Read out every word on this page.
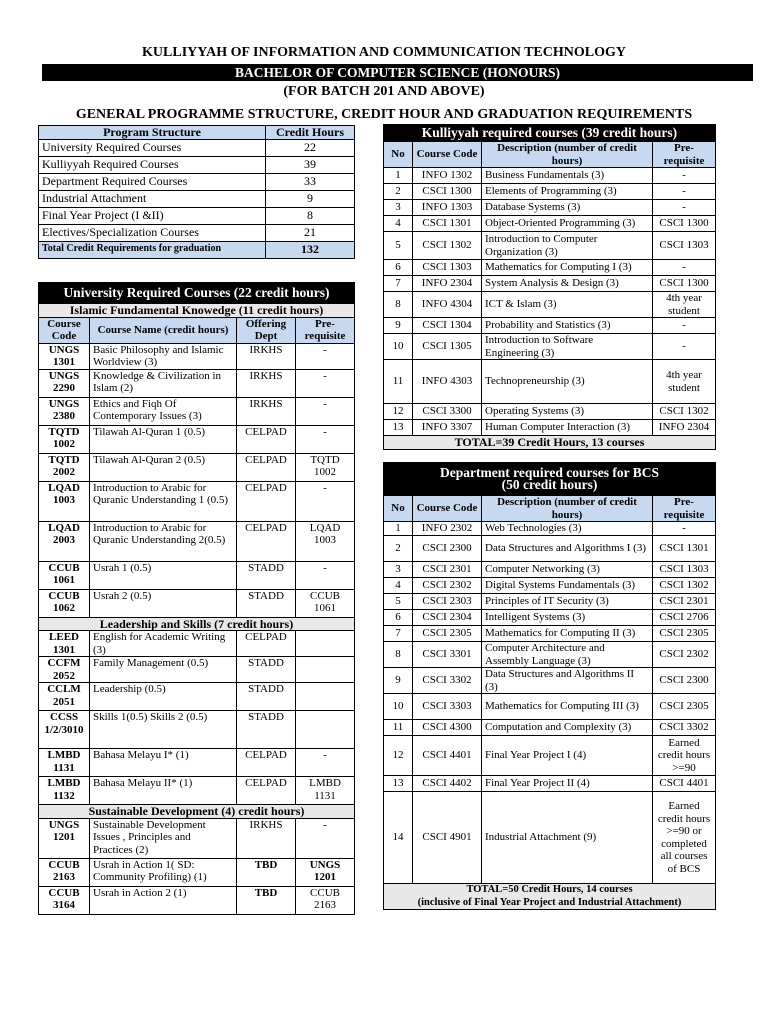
KULLIYYAH OF INFORMATION AND COMMUNICATION TECHNOLOGY
BACHELOR OF COMPUTER SCIENCE (HONOURS)
(FOR BATCH 201 AND ABOVE)
GENERAL PROGRAMME STRUCTURE, CREDIT HOUR AND GRADUATION REQUIREMENTS
Program Structure	Credit Hours
University Required Courses	22
Kulliyyah Required Courses	39
Department Required Courses	33
Industrial Attachment	9
Final Year Project (I &II)	8
Electives/Specialization Courses	21
Total Credit Requirements for graduation	132
University Required Courses (22 credit hours)			
Islamic Fundamental Knowedge (11 credit hours)			
Course Code	Course Name (credit hours)	Offering Dept	Pre-requisite
UNGS 1301	Basic Philosophy and Islamic Worldview (3)	IRKHS	-
UNGS 2290	Knowledge & Civilization in Islam (2)	IRKHS	-
UNGS 2380	Ethics and Fiqh Of Contemporary Issues (3)	IRKHS	-
TQTD 1002	Tilawah Al-Quran 1 (0.5)	CELPAD	-
TQTD 2002	Tilawah Al-Quran 2 (0.5)	CELPAD	TQTD 1002
LQAD 1003	Introduction to Arabic for Quranic Understanding 1 (0.5)	CELPAD	-
LQAD 2003	Introduction to Arabic for Quranic Understanding 2(0.5)	CELPAD	LQAD 1003
CCUB 1061	Usrah 1 (0.5)	STADD	-
CCUB 1062	Usrah 2 (0.5)	STADD	CCUB 1061
Leadership and Skills (7 credit hours)			
LEED 1301	English for Academic Writing (3)	CELPAD	
CCFM 2052	Family Management (0.5)	STADD	
CCLM 2051	Leadership (0.5)	STADD	
CCSS 1/2/3010	Skills 1(0.5) Skills 2 (0.5)	STADD	
LMBD 1131	Bahasa Melayu I* (1)	CELPAD	-
LMBD 1132	Bahasa Melayu II* (1)	CELPAD	LMBD 1131
Sustainable Development (4) credit hours)			
UNGS 1201	Sustainable Development Issues , Principles and Practices (2)	IRKHS	-
CCUB 2163	Usrah in Action 1( SD: Community Profiling) (1)	TBD	UNGS 1201
CCUB 3164	Usrah in Action 2 (1)	TBD	CCUB 2163
Kulliyyah required courses (39 credit hours)			
No	Course Code	Description (number of credit hours)	Pre-requisite
1	INFO 1302	Business Fundamentals (3)	-
2	CSCI 1300	Elements of Programming (3)	-
3	INFO 1303	Database Systems (3)	-
4	CSCI 1301	Object-Oriented Programming (3)	CSCI 1300
5	CSCI 1302	Introduction to Computer Organization (3)	CSCI 1303
6	CSCI 1303	Mathematics for Computing I (3)	-
7	INFO 2304	System Analysis & Design (3)	CSCI 1300
8	INFO 4304	ICT & Islam (3)	4th year student
9	CSCI 1304	Probability and Statistics (3)	-
10	CSCI 1305	Introduction to Software Engineering (3)	-
11	INFO 4303	Technopreneurship (3)	4th year student
12	CSCI 3300	Operating Systems (3)	CSCI 1302
13	INFO 3307	Human Computer Interaction (3)	INFO 2304
TOTAL=39 Credit Hours, 13 courses			
Department required courses for BCS
(50 credit hours)			

No	Course Code	Description (number of credit hours)	Pre-requisite
1	INFO 2302	Web Technologies (3)	-
2	CSCI 2300	Data Structures and Algorithms I (3)	CSCI 1301
3	CSCI 2301	Computer Networking (3)	CSCI 1303
4	CSCI 2302	Digital Systems Fundamentals (3)	CSCI 1302
5	CSCI 2303	Principles of IT Security (3)	CSCI 2301
6	CSCI 2304	Intelligent Systems (3)	CSCI 2706
7	CSCI 2305	Mathematics for Computing II (3)	CSCI 2305
8	CSCI 3301	Computer Architecture and Assembly Language (3)	CSCI 2302
9	CSCI 3302	Data Structures and Algorithms II (3)	CSCI 2300
10	CSCI 3303	Mathematics for Computing III (3)	CSCI 2305
11	CSCI 4300	Computation and Complexity (3)	CSCI 3302
12	CSCI 4401	Final Year Project I (4)	Earned credit hours >=90
13	CSCI 4402	Final Year Project II (4)	CSCI 4401
14	CSCI 4901	Industrial Attachment (9)	Earned credit hours >=90 or completed all courses of BCS

TOTAL=50 Credit Hours, 14 courses
(inclusive of Final Year Project and Industrial Attachment)			
